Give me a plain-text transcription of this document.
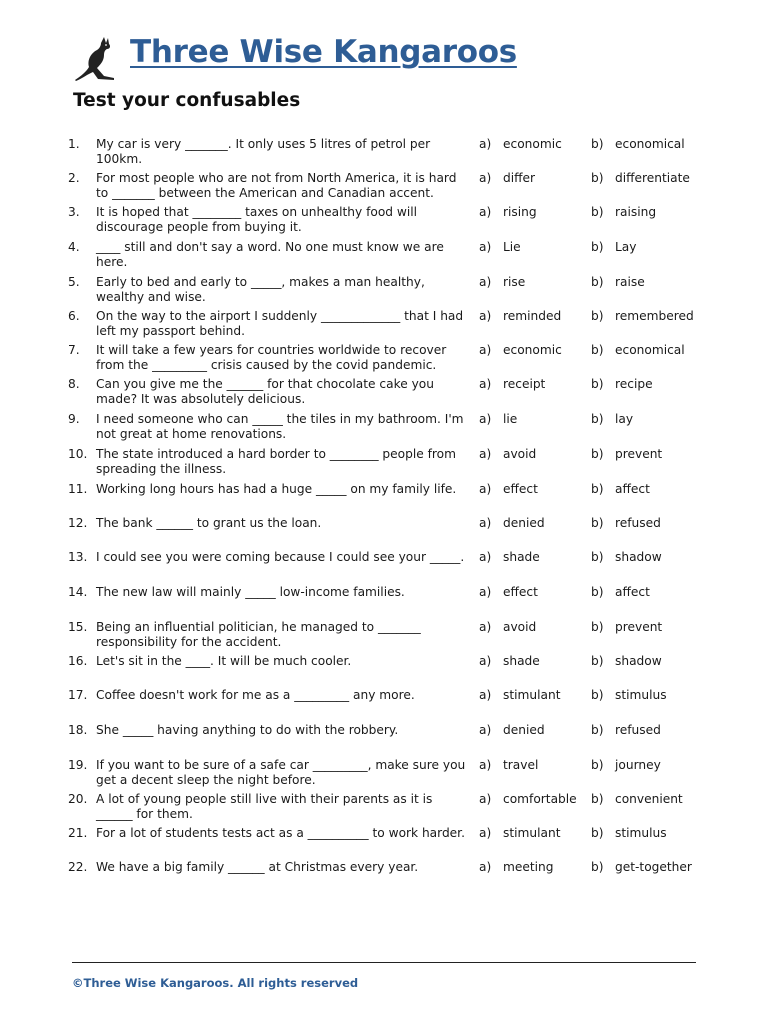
Three Wise Kangaroos
Test your confusables
1.	My car is very _______. It only uses 5 litres of petrol per 100km.
a) economic b) economical
2.	For most people who are not from North America, it is hard to _______ between the American and Canadian accent.
a) differ	b) differentiate
3.	It is hoped that ________ taxes on unhealthy food will discourage people from buying it.
a) rising	b) raising
4.	____ still and don't say a word. No one must know we are here.
a) Lie	b) Lay
5.	Early to bed and early to _____, makes a man healthy, wealthy and wise.
a) rise	b) raise
6.	On the way to the airport I suddenly _____________ that I had left my passport behind.
a) reminded b) remembered
7.	It will take a few years for countries worldwide to recover from the _________ crisis caused by the covid pandemic.
a) economic b) economical
8.	Can you give me the ______ for that chocolate cake you made? It was absolutely delicious.
a) receipt	b) recipe
9.	I need someone who can _____ the tiles in my bathroom. I'm not great at home renovations.
a) lie	b) lay
10. The state introduced a hard border to ________ people from spreading the illness.
a) avoid	b) prevent
11. Working long hours has had a huge _____ on my family life.	a) effect	b) affect
12. The bank ______ to grant us the loan.	a) denied	b) refused
13. I could see you were coming because I could see your _____.	a) shade	b) shadow
14. The new law will mainly _____ low-income families.	a) effect	b) affect
15. Being an influential politician, he managed to _______ responsibility for the accident.
a) avoid	b) prevent
16. Let's sit in the ____. It will be much cooler.	a) shade	b) shadow
17. Coffee doesn't work for me as a _________ any more.	a) stimulant	b) stimulus
18. She _____ having anything to do with the robbery.	a) denied	b) refused
19. If you want to be sure of a safe car _________, make sure you get a decent sleep the night before.
a) travel	b) journey
20. A lot of young people still live with their parents as it is ______ for them.
a) comfortable b) convenient
21. For a lot of students tests act as a __________ to work harder. a) stimulant	b) stimulus
22. We have a big family ______ at Christmas every year.	a) meeting	b) get-together
©Three Wise Kangaroos. All rights reserved
